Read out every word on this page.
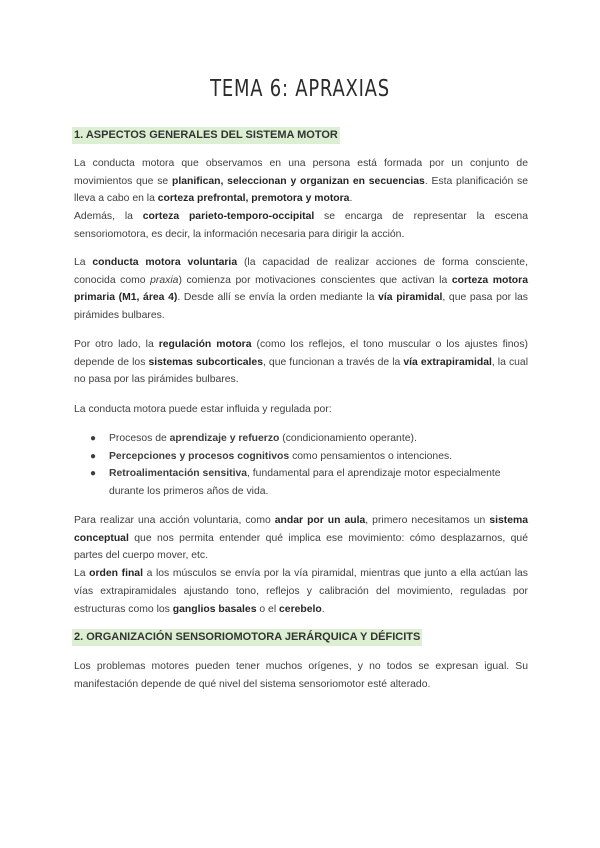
TEMA 6: APRAXIAS
1. ASPECTOS GENERALES DEL SISTEMA MOTOR

La conducta motora que observamos en una persona está formada por un conjunto de movimientos que se planifican, seleccionan y organizan en secuencias. Esta planificación se lleva a cabo en la corteza prefrontal, premotora y motora.

Además, la corteza parieto-temporo-occipital se encarga de representar la escena sensoriomotora, es decir, la información necesaria para dirigir la acción.

La conducta motora voluntaria (la capacidad de realizar acciones de forma consciente, conocida como praxia) comienza por motivaciones conscientes que activan la corteza motora primaria (M1, área 4). Desde allí se envía la orden mediante la vía piramidal, que pasa por las pirámides bulbares.

Por otro lado, la regulación motora (como los reflejos, el tono muscular o los ajustes finos) depende de los sistemas subcorticales, que funcionan a través de la vía extrapiramidal, la cual no pasa por las pirámides bulbares.

La conducta motora puede estar influida y regulada por:
● Procesos de aprendizaje y refuerzo (condicionamiento operante).
● Percepciones y procesos cognitivos como pensamientos o intenciones.
● Retroalimentación sensitiva, fundamental para el aprendizaje motor especialmente durante los primeros años de vida.

Para realizar una acción voluntaria, como andar por un aula, primero necesitamos un sistema conceptual que nos permita entender qué implica ese movimiento: cómo desplazarnos, qué partes del cuerpo mover, etc.

La orden final a los músculos se envía por la vía piramidal, mientras que junto a ella actúan las vías extrapiramidales ajustando tono, reflejos y calibración del movimiento, reguladas por estructuras como los ganglios basales o el cerebelo.

2. ORGANIZACIÓN SENSORIOMOTORA JERÁRQUICA Y DÉFICITS
Los problemas motores pueden tener muchos orígenes, y no todos se expresan igual. Su manifestación depende de qué nivel del sistema sensoriomotor esté alterado.
